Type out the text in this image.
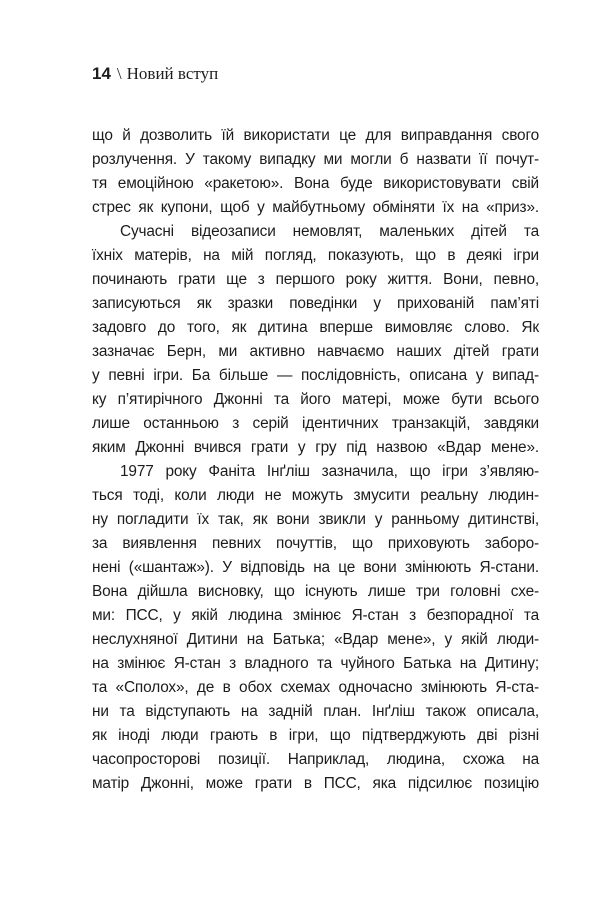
14 \ Новий вступ
що й дозволить їй використати це для виправдання свого
розлучення. У такому випадку ми могли б назвати її почут-
тя емоційною «ракетою». Вона буде використовувати свій
стрес як купони, щоб у майбутньому обміняти їх на «приз».
Сучасні відеозаписи немовлят, маленьких дітей та
їхніх матерів, на мій погляд, показують, що в деякі ігри
починають грати ще з першого року життя. Вони, певно,
записуються як зразки поведінки у прихованій пам’яті
задовго до того, як дитина вперше вимовляє слово. Як
зазначає Берн, ми активно навчаємо наших дітей грати
у певні ігри. Ба більше — послідовність, описана у випад-
ку п’ятирічного Джонні та його матері, може бути всього
лише останньою з серій ідентичних транзакцій, завдяки
яким Джонні вчився грати у гру під назвою «Вдар мене».
1977 року Фаніта Інґліш зазначила, що ігри з’являю-
ться тоді, коли люди не можуть змусити реальну людин-
ну погладити їх так, як вони звикли у ранньому дитинстві,
за виявлення певних почуттів, що приховують заборо-
нені («шантаж»). У відповідь на це вони змінюють Я-стани.
Вона дійшла висновку, що існують лише три головні схе-
ми: ПСС, у якій людина змінює Я-стан з безпорадної та
неслухняної Дитини на Батька; «Вдар мене», у якій люди-
на змінює Я-стан з владного та чуйного Батька на Дитину;
та «Сполох», де в обох схемах одночасно змінюють Я-ста-
ни та відступають на задній план. Інґліш також описала,
як іноді люди грають в ігри, що підтверджують дві різні
часопросторові позиції. Наприклад, людина, схожа на
матір Джонні, може грати в ПСС, яка підсилює позицію
